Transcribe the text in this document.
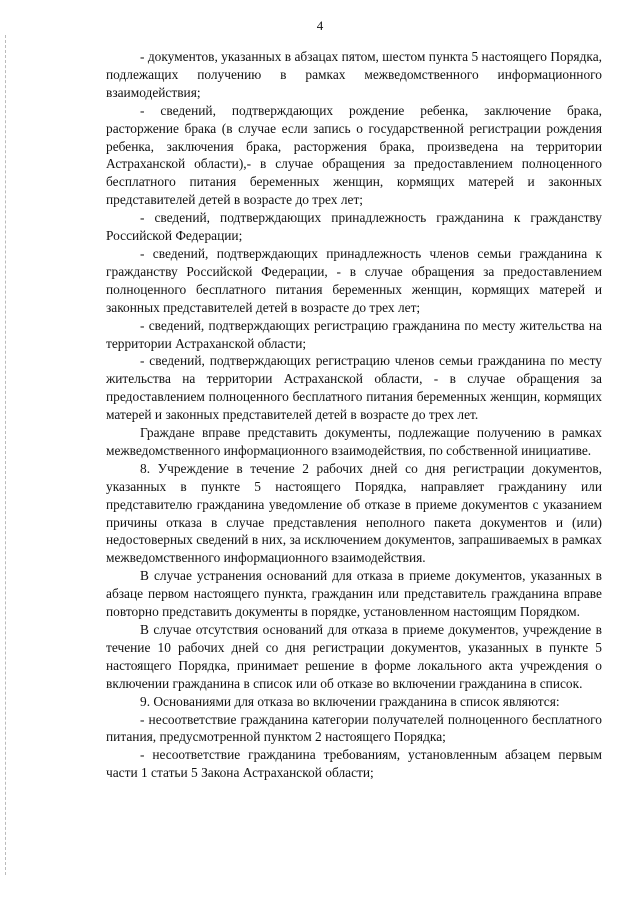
4

- документов, указанных в абзацах пятом, шестом пункта 5 настоящего Порядка, подлежащих получению в рамках межведомственного информационного взаимодействия;

- сведений, подтверждающих рождение ребенка, заключение брака, расторжение брака (в случае если запись о государственной регистрации рождения ребенка, заключения брака, расторжения брака, произведена на территории Астраханской области),- в случае обращения за предоставлением полноценного бесплатного питания беременных женщин, кормящих матерей и законных представителей детей в возрасте до трех лет;

- сведений, подтверждающих принадлежность гражданина к гражданству Российской Федерации;

- сведений, подтверждающих принадлежность членов семьи гражданина к гражданству Российской Федерации, - в случае обращения за предоставлением полноценного бесплатного питания беременных женщин, кормящих матерей и законных представителей детей в возрасте до трех лет;

- сведений, подтверждающих регистрацию гражданина по месту жительства на территории Астраханской области;

- сведений, подтверждающих регистрацию членов семьи гражданина по месту жительства на территории Астраханской области, - в случае обращения за предоставлением полноценного бесплатного питания беременных женщин, кормящих матерей и законных представителей детей в возрасте до трех лет.

Граждане вправе представить документы, подлежащие получению в рамках межведомственного информационного взаимодействия, по собственной инициативе.

8. Учреждение в течение 2 рабочих дней со дня регистрации документов, указанных в пункте 5 настоящего Порядка, направляет гражданину или представителю гражданина уведомление об отказе в приеме документов с указанием причины отказа в случае представления неполного пакета документов и (или) недостоверных сведений в них, за исключением документов, запрашиваемых в рамках межведомственного информационного взаимодействия.

В случае устранения оснований для отказа в приеме документов, указанных в абзаце первом настоящего пункта, гражданин или представитель гражданина вправе повторно представить документы в порядке, установленном настоящим Порядком.

В случае отсутствия оснований для отказа в приеме документов, учреждение в течение 10 рабочих дней со дня регистрации документов, указанных в пункте 5 настоящего Порядка, принимает решение в форме локального акта учреждения о включении гражданина в список или об отказе во включении гражданина в список.

9. Основаниями для отказа во включении гражданина в список являются:

- несоответствие гражданина категории получателей полноценного бесплатного питания, предусмотренной пунктом 2 настоящего Порядка;

- несоответствие гражданина требованиям, установленным абзацем первым части 1 статьи 5 Закона Астраханской области;
